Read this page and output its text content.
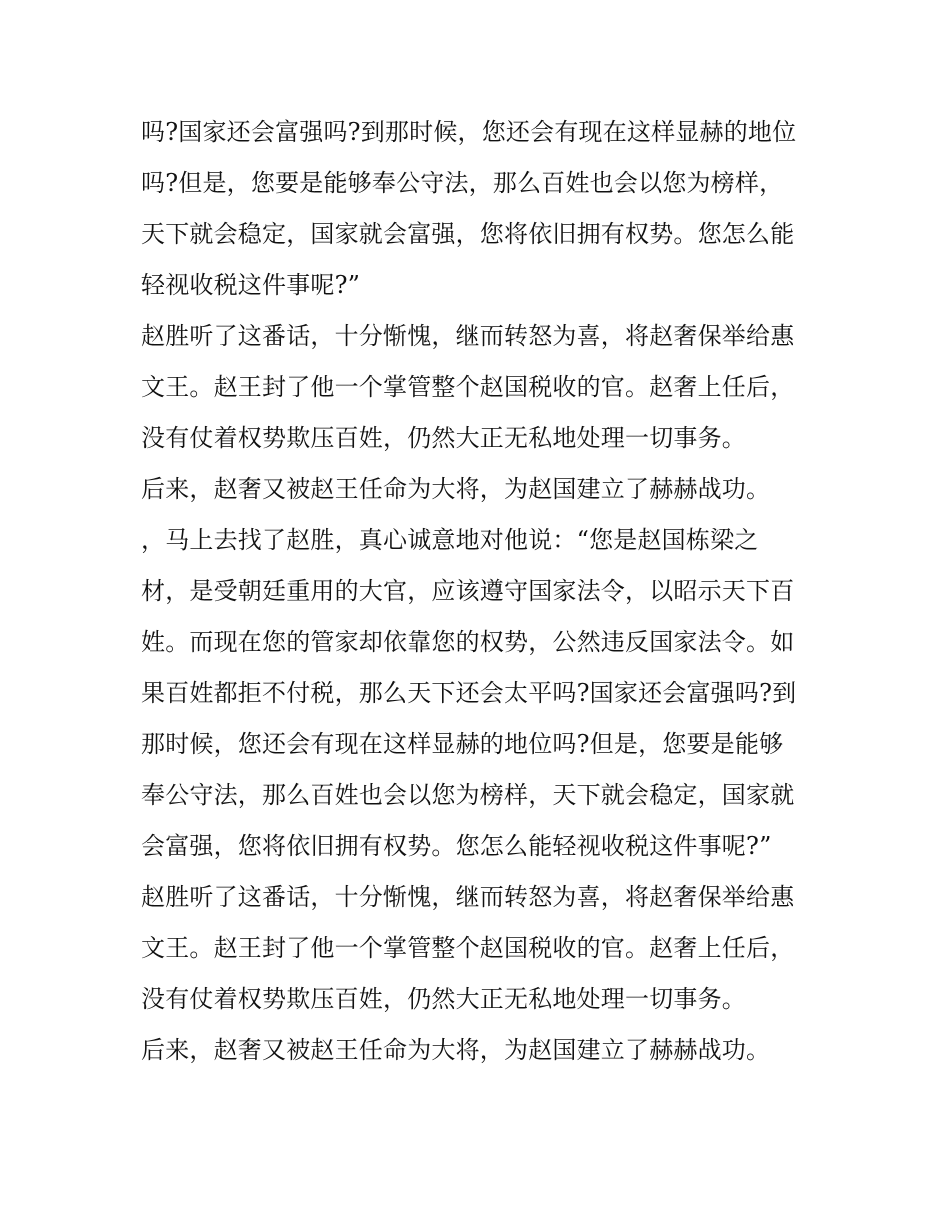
吗?国家还会富强吗?到那时候，您还会有现在这样显赫的地位
吗?但是，您要是能够奉公守法，那么百姓也会以您为榜样，
天下就会稳定，国家就会富强，您将依旧拥有权势。您怎么能
轻视收税这件事呢?”
赵胜听了这番话，十分惭愧，继而转怒为喜，将赵奢保举给惠
文王。赵王封了他一个掌管整个赵国税收的官。赵奢上任后，
没有仗着权势欺压百姓，仍然大正无私地处理一切事务。
后来，赵奢又被赵王任命为大将，为赵国建立了赫赫战功。
，马上去找了赵胜，真心诚意地对他说：“您是赵国栋梁之
材，是受朝廷重用的大官，应该遵守国家法令，以昭示天下百
姓。而现在您的管家却依靠您的权势，公然违反国家法令。如
果百姓都拒不付税，那么天下还会太平吗?国家还会富强吗?到
那时候，您还会有现在这样显赫的地位吗?但是，您要是能够
奉公守法，那么百姓也会以您为榜样，天下就会稳定，国家就
会富强，您将依旧拥有权势。您怎么能轻视收税这件事呢?”
赵胜听了这番话，十分惭愧，继而转怒为喜，将赵奢保举给惠
文王。赵王封了他一个掌管整个赵国税收的官。赵奢上任后，
没有仗着权势欺压百姓，仍然大正无私地处理一切事务。
后来，赵奢又被赵王任命为大将，为赵国建立了赫赫战功。
